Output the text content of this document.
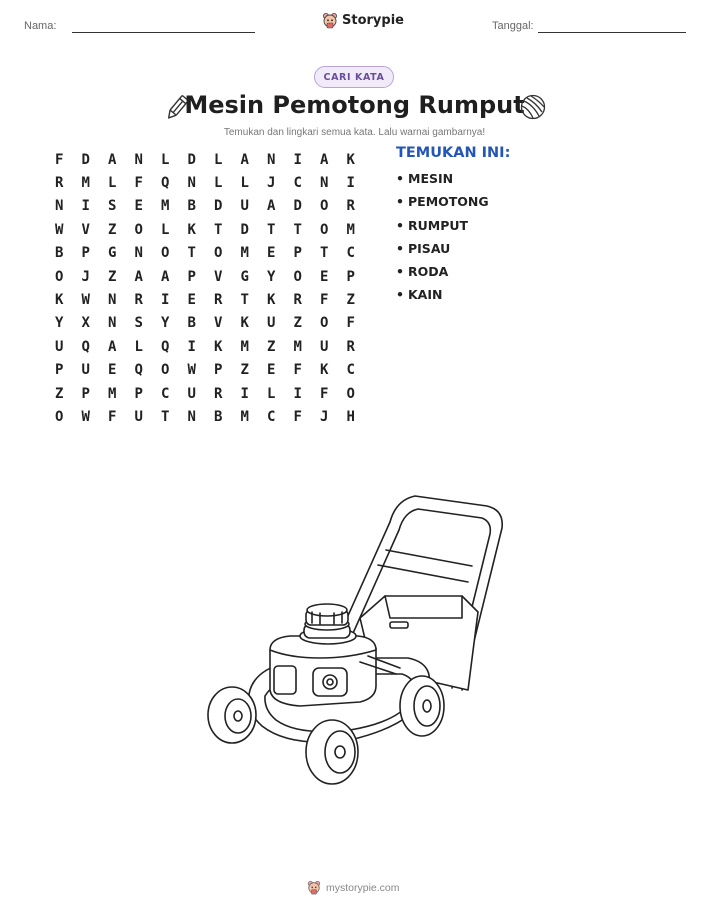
Nama:	Storypie	Tanggal:
CARI KATA
Mesin Pemotong Rumput
Temukan dan lingkari semua kata. Lalu warnai gambarnya!
F	D	A	N	L	D	L	A	N	I	A	K
R	M	L	F	Q	N	L	L	J	C	N	I
N	I	S	E	M	B	D	U	A	D	O	R
W	V	Z	O	L	K	T	D	T	T	O	M
B	P	G	N	O	T	O	M	E	P	T	C
O	J	Z	A	A	P	V	G	Y	O	E	P
K	W	N	R	I	E	R	T	K	R	F	Z
Y	X	N	S	Y	B	V	K	U	Z	O	F
U	Q	A	L	Q	I	K	M	Z	M	U	R
P	U	E	Q	O	W	P	Z	E	F	K	C
Z	P	M	P	C	U	R	I	L	I	F	O
O	W	F	U	T	N	B	M	C	F	J	H
TEMUKAN INI:
• MESIN
• PEMOTONG
• RUMPUT
• PISAU
• RODA
• KAIN
mystorypie.com
